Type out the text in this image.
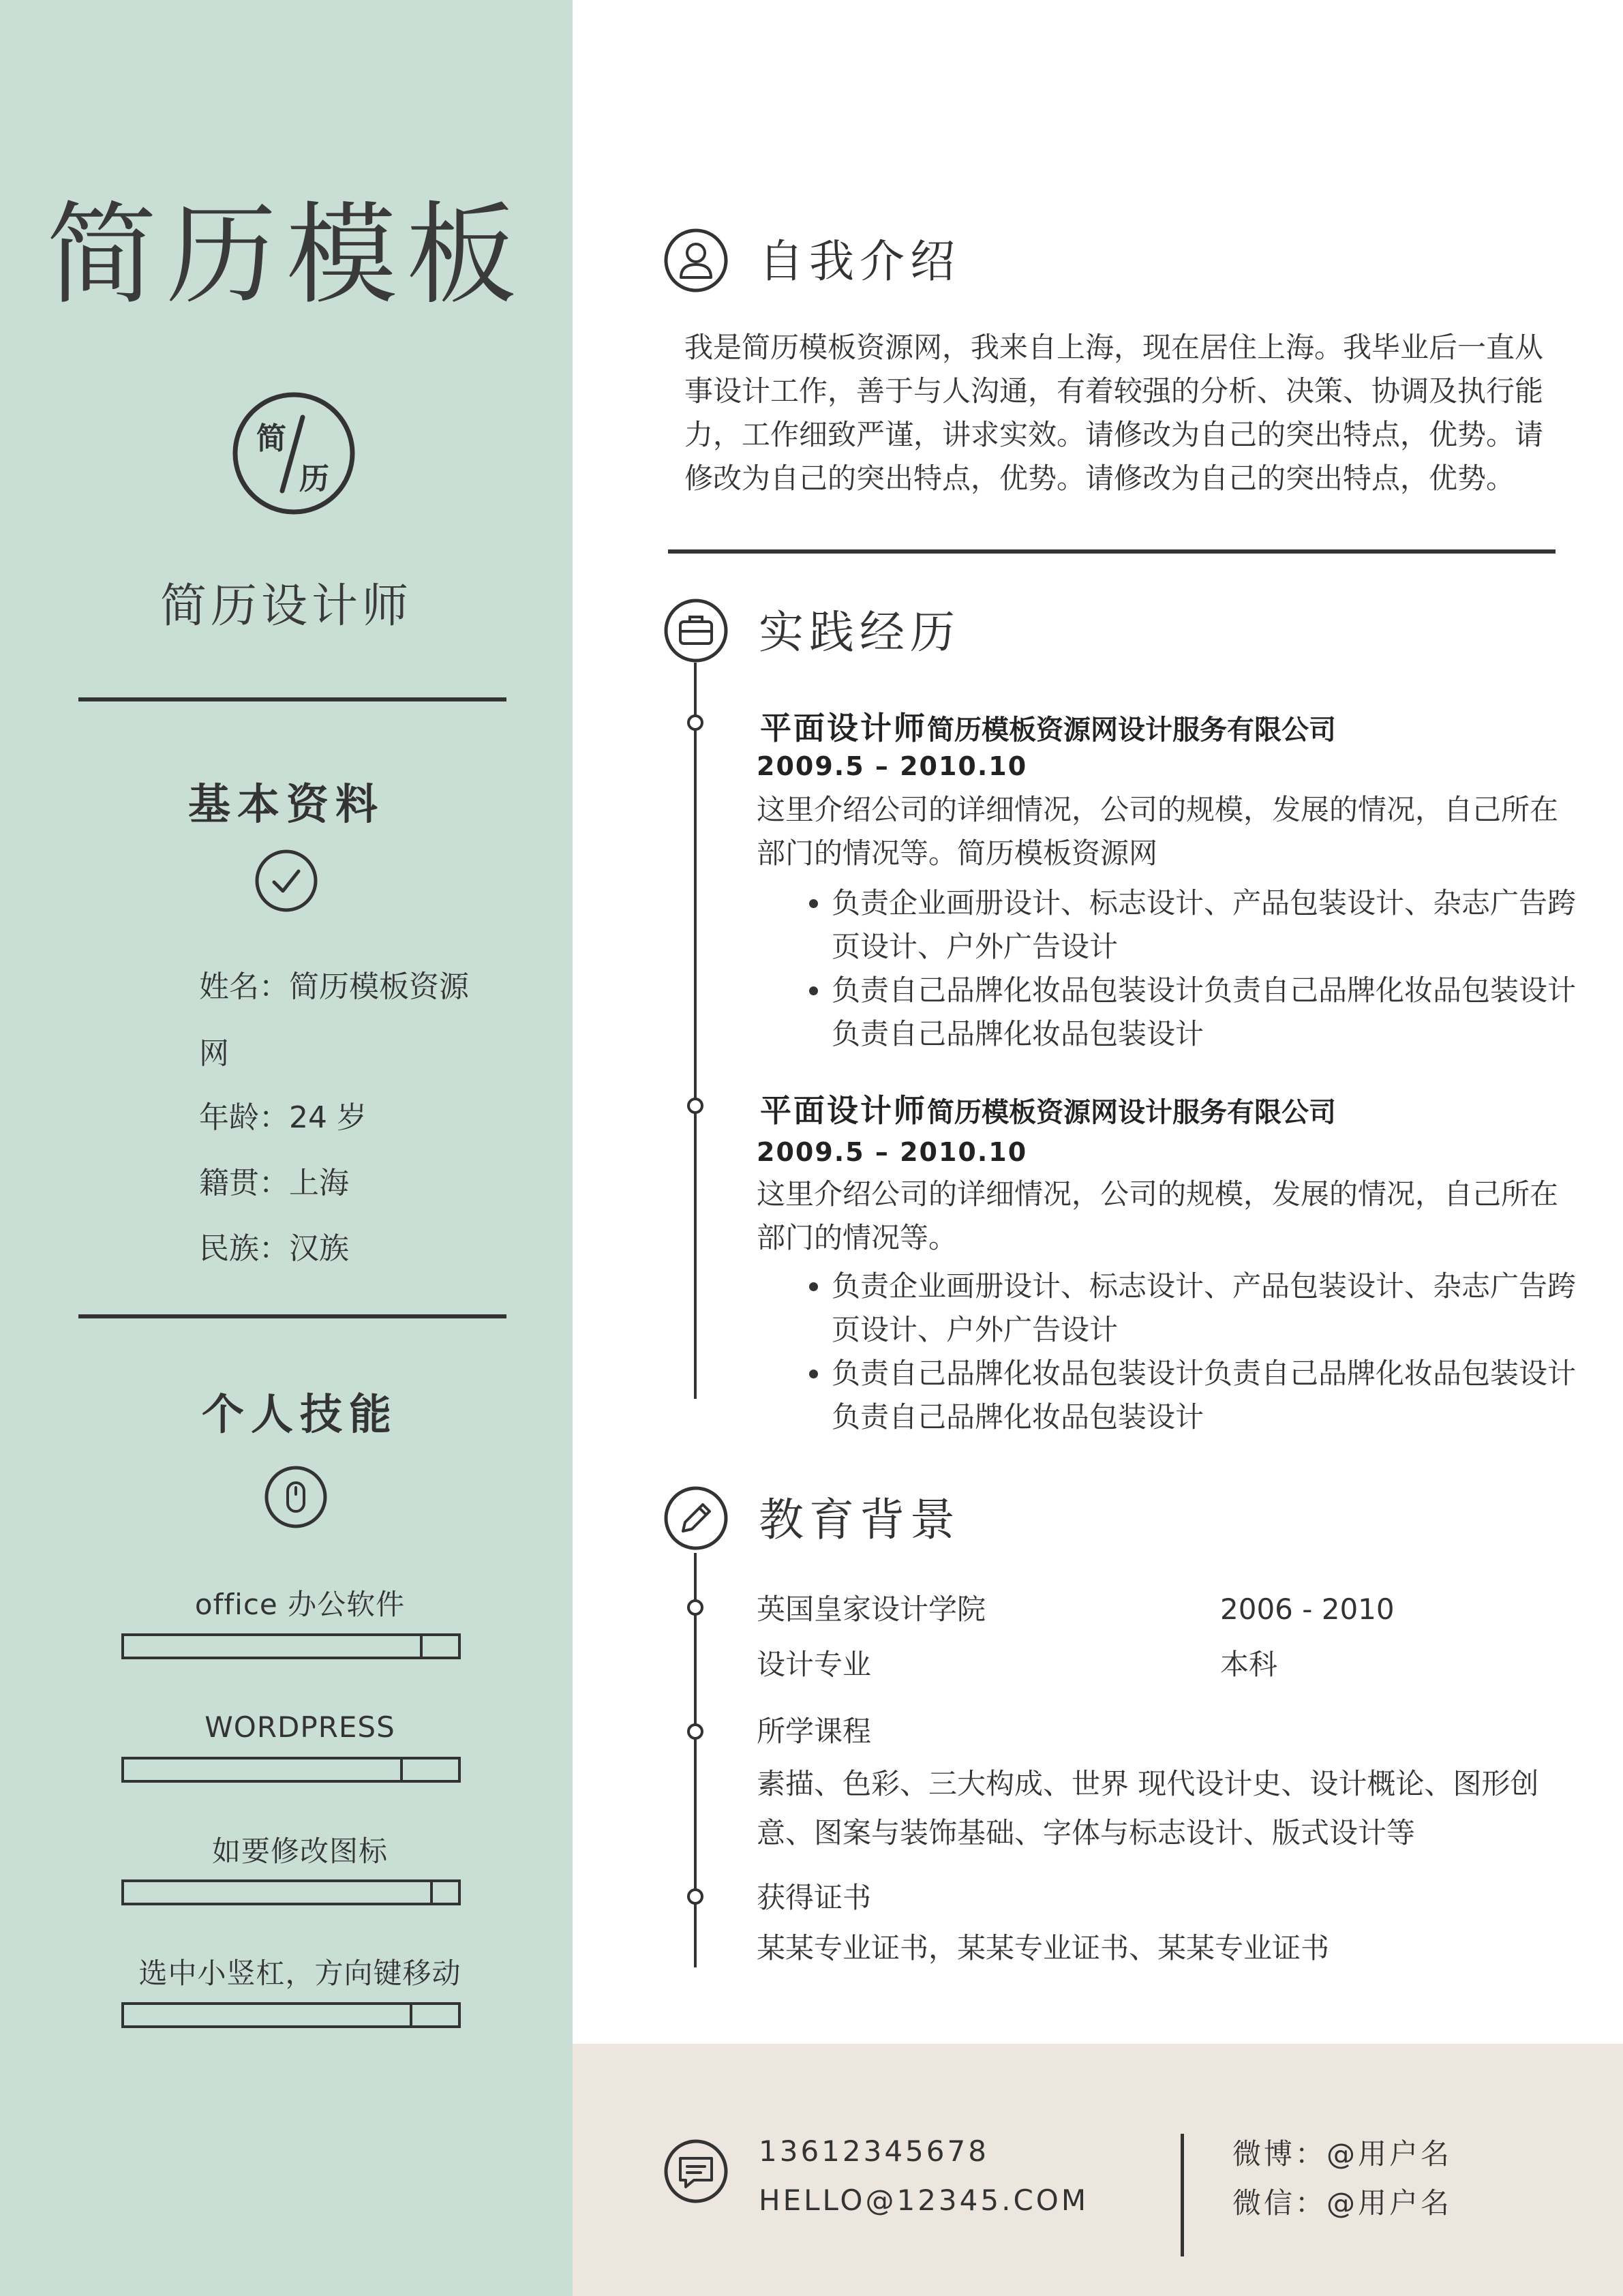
简历模板
简
历
简历设计师
基本资料
姓名：简历模板资源
网
年龄：24 岁
籍贯：上海
民族：汉族
个人技能
office 办公软件
WORDPRESS
如要修改图标
选中小竖杠，方向键移动
自我介绍
我是简历模板资源网，我来自上海，现在居住上海。我毕业后一直从
事设计工作，善于与人沟通，有着较强的分析、决策、协调及执行能
力，工作细致严谨，讲求实效。请修改为自己的突出特点，优势。请
修改为自己的突出特点，优势。请修改为自己的突出特点，优势。
实践经历
平面设计师简历模板资源网设计服务有限公司
2009.5 – 2010.10
这里介绍公司的详细情况，公司的规模，发展的情况，自己所在
部门的情况等。简历模板资源网
• 负责企业画册设计、标志设计、产品包装设计、杂志广告跨
页设计、户外广告设计
• 负责自己品牌化妆品包装设计负责自己品牌化妆品包装设计
负责自己品牌化妆品包装设计
平面设计师简历模板资源网设计服务有限公司
2009.5 – 2010.10
这里介绍公司的详细情况，公司的规模，发展的情况，自己所在
部门的情况等。
• 负责企业画册设计、标志设计、产品包装设计、杂志广告跨
页设计、户外广告设计
• 负责自己品牌化妆品包装设计负责自己品牌化妆品包装设计
负责自己品牌化妆品包装设计
教育背景
英国皇家设计学院	2006 - 2010
设计专业	本科
所学课程
素描、色彩、三大构成、世界 现代设计史、设计概论、图形创
意、图案与装饰基础、字体与标志设计、版式设计等
获得证书
某某专业证书，某某专业证书、某某专业证书
13612345678
HELLO@12345.COM
微博：@用户名
微信：@用户名
